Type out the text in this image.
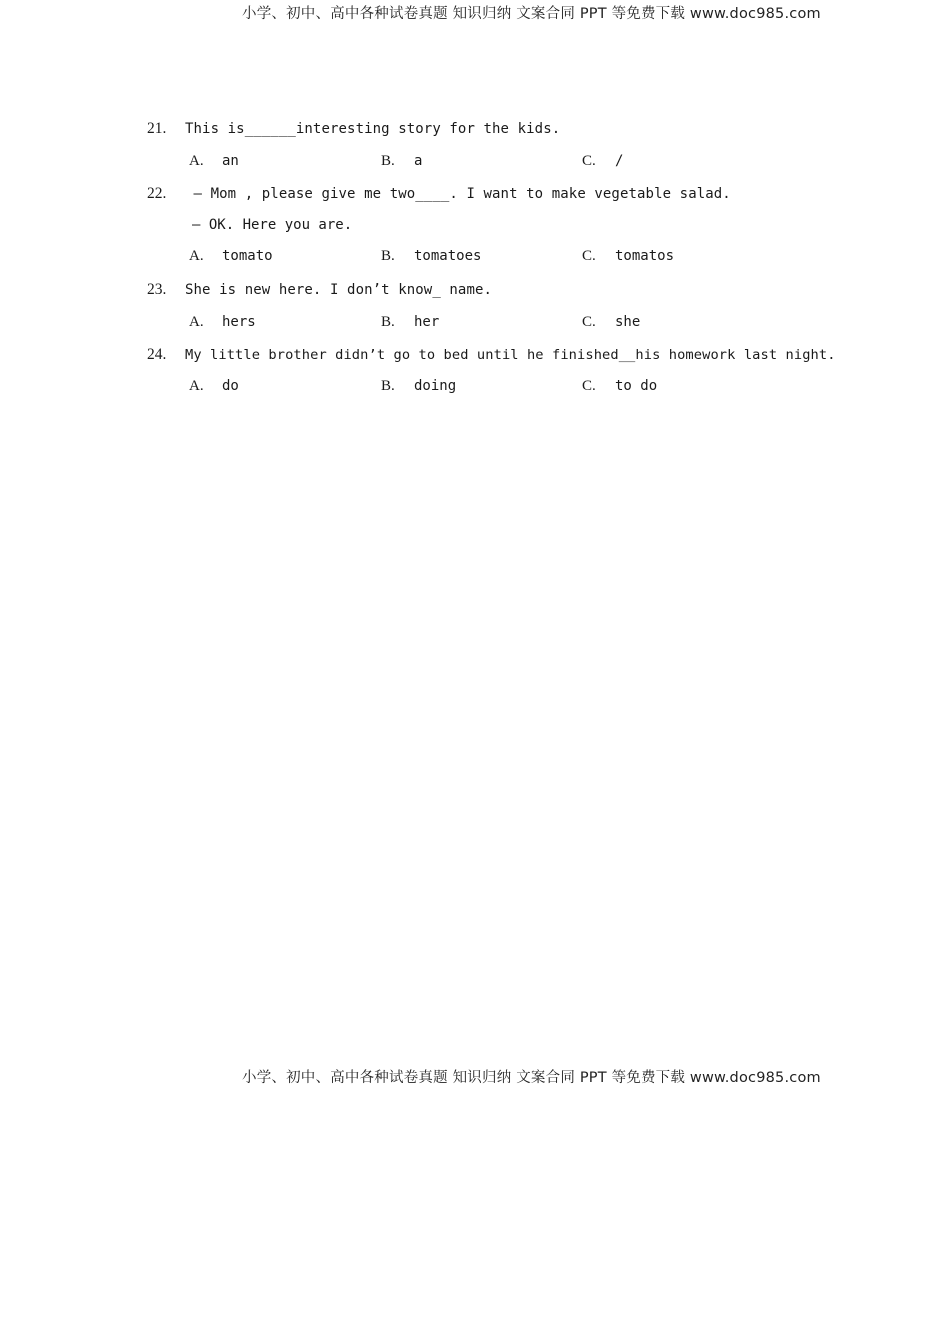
小学、初中、高中各种试卷真题 知识归纳 文案合同 PPT 等免费下载 www.doc985.com
21. This is______interesting story for the kids.
A. an	B. a	C. /
22. – Mom , please give me two____. I want to make vegetable salad.
– OK. Here you are.
A. tomato	B. tomatoes	C. tomatos
23. She is new here. I don’t know_ name.
A. hers	B. her	C. she
24. My little brother didn’t go to bed until he finished__his homework last night.
A. do	B. doing	C. to do
小学、初中、高中各种试卷真题 知识归纳 文案合同 PPT 等免费下载 www.doc985.com
